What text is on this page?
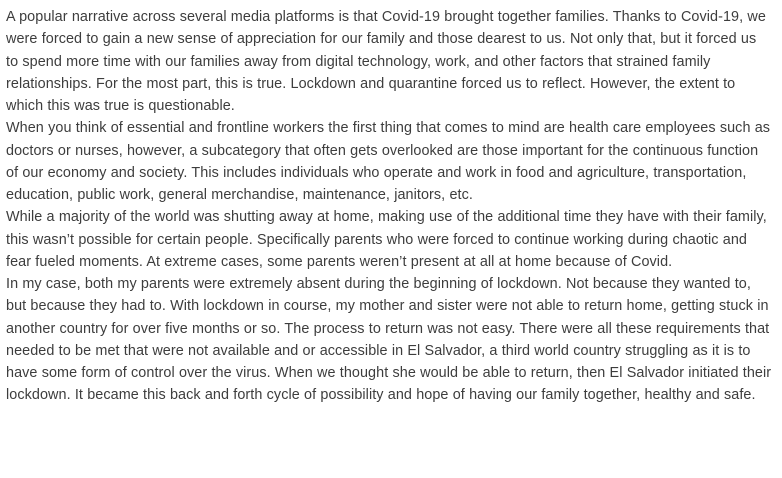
A popular narrative across several media platforms is that Covid-19 brought together families. Thanks to Covid-19, we were forced to gain a new sense of appreciation for our family and those dearest to us. Not only that, but it forced us to spend more time with our families away from digital technology, work, and other factors that strained family relationships. For the most part, this is true. Lockdown and quarantine forced us to reflect. However, the extent to which this was true is questionable.

When you think of essential and frontline workers the first thing that comes to mind are health care employees such as doctors or nurses, however, a subcategory that often gets overlooked are those important for the continuous function of our economy and society. This includes individuals who operate and work in food and agriculture, transportation, education, public work, general merchandise, maintenance, janitors, etc.

While a majority of the world was shutting away at home, making use of the additional time they have with their family, this wasn’t possible for certain people. Specifically parents who were forced to continue working during chaotic and fear fueled moments. At extreme cases, some parents weren’t present at all at home because of Covid.

In my case, both my parents were extremely absent during the beginning of lockdown. Not because they wanted to, but because they had to. With lockdown in course, my mother and sister were not able to return home, getting stuck in another country for over five months or so. The process to return was not easy. There were all these requirements that needed to be met that were not available and or accessible in El Salvador, a third world country struggling as it is to have some form of control over the virus. When we thought she would be able to return, then El Salvador initiated their lockdown. It became this back and forth cycle of possibility and hope of having our family together, healthy and safe.
